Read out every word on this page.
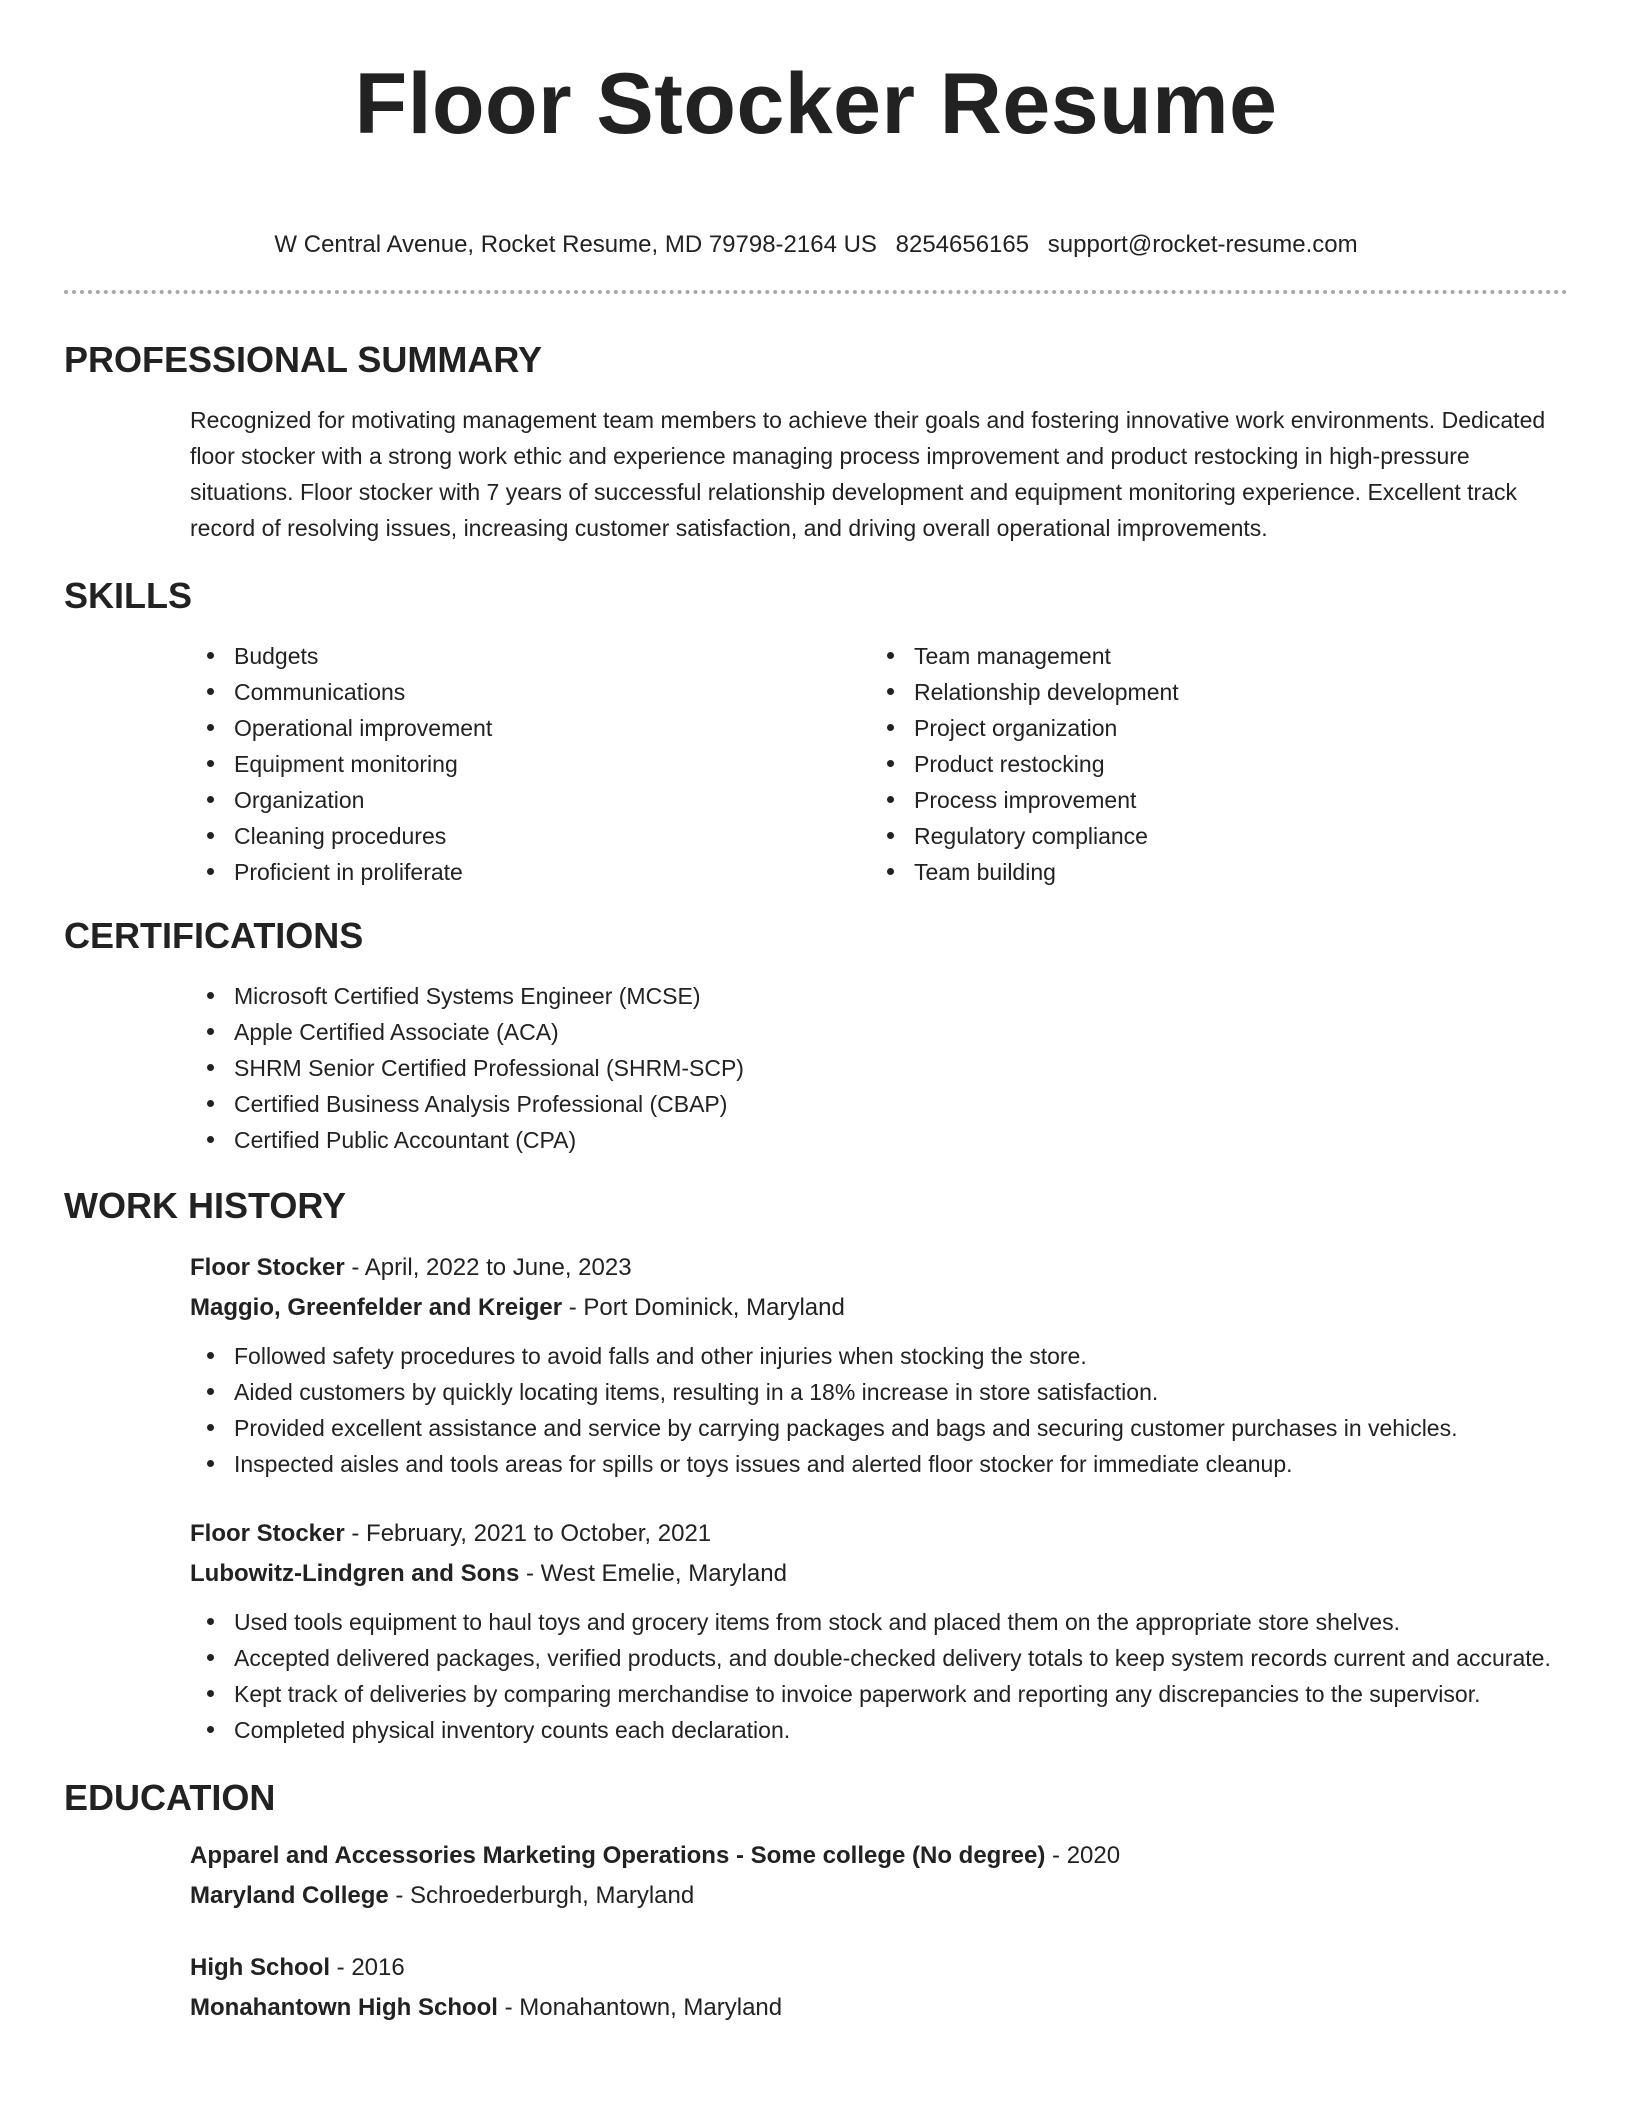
Floor Stocker Resume
W Central Avenue, Rocket Resume, MD 79798-2164 US 8254656165 support@rocket-resume.com
PROFESSIONAL SUMMARY

Recognized for motivating management team members to achieve their goals and fostering innovative work environments. Dedicated floor stocker with a strong work ethic and experience managing process improvement and product restocking in high-pressure situations. Floor stocker with 7 years of successful relationship development and equipment monitoring experience. Excellent track record of resolving issues, increasing customer satisfaction, and driving overall operational improvements.

SKILLS
Budgets
Communications
Operational improvement
Equipment monitoring
Organization
Cleaning procedures
Proficient in proliferate
Team management
Relationship development
Project organization
Product restocking
Process improvement
Regulatory compliance
Team building
CERTIFICATIONS
Microsoft Certified Systems Engineer (MCSE)
Apple Certified Associate (ACA)
SHRM Senior Certified Professional (SHRM-SCP)
Certified Business Analysis Professional (CBAP)
Certified Public Accountant (CPA)
WORK HISTORY
Floor Stocker - April, 2022 to June, 2023
Maggio, Greenfelder and Kreiger - Port Dominick, Maryland
Followed safety procedures to avoid falls and other injuries when stocking the store.
Aided customers by quickly locating items, resulting in a 18% increase in store satisfaction.
Provided excellent assistance and service by carrying packages and bags and securing customer purchases in vehicles.
Inspected aisles and tools areas for spills or toys issues and alerted floor stocker for immediate cleanup.
Floor Stocker - February, 2021 to October, 2021
Lubowitz-Lindgren and Sons - West Emelie, Maryland
Used tools equipment to haul toys and grocery items from stock and placed them on the appropriate store shelves.
Accepted delivered packages, verified products, and double-checked delivery totals to keep system records current and accurate.
Kept track of deliveries by comparing merchandise to invoice paperwork and reporting any discrepancies to the supervisor.
Completed physical inventory counts each declaration.
EDUCATION
Apparel and Accessories Marketing Operations - Some college (No degree) - 2020
Maryland College - Schroederburgh, Maryland
High School - 2016
Monahantown High School - Monahantown, Maryland
